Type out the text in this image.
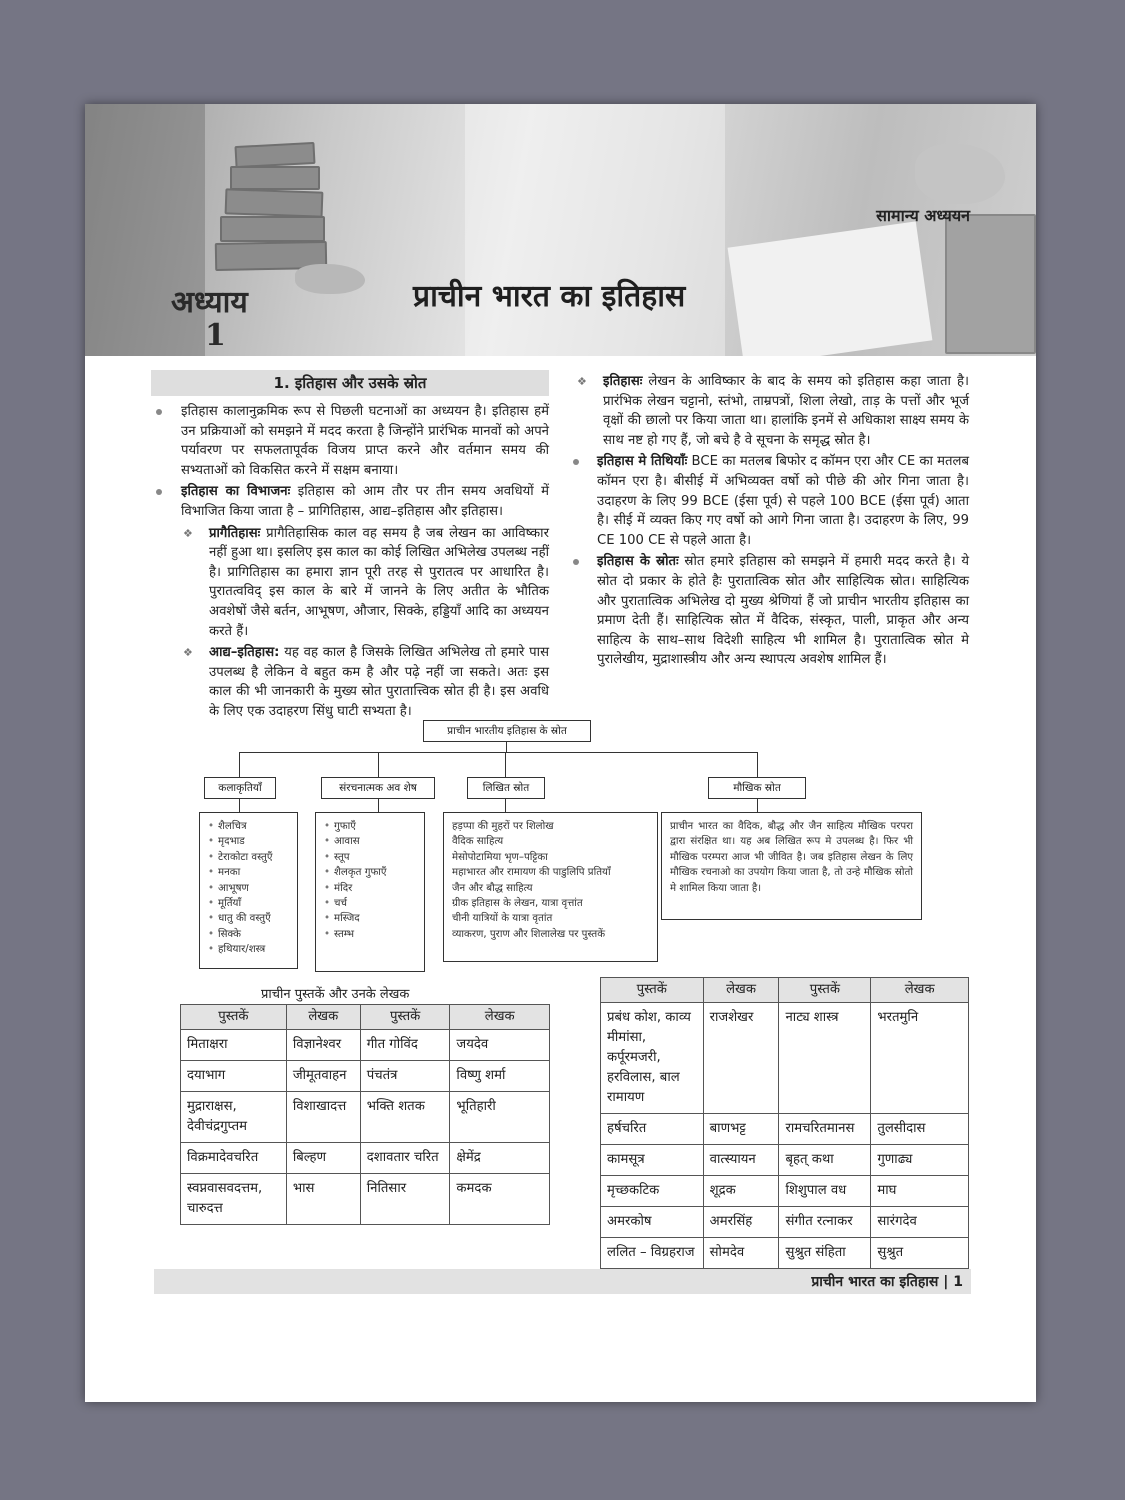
सामान्य अध्ययन
अध्याय
1
प्राचीन भारत का इतिहास
1. इतिहास और उसके स्रोत
इतिहास कालानुक्रमिक रूप से पिछली घटनाओं का अध्ययन है। इतिहास हमें उन प्रक्रियाओं को समझने में मदद करता है जिन्होंने प्रारंभिक मानवों को अपने पर्यावरण पर सफलतापूर्वक विजय प्राप्त करने और वर्तमान समय की सभ्यताओं को विकसित करने में सक्षम बनाया।
इतिहास का विभाजनः इतिहास को आम तौर पर तीन समय अवधियों में विभाजित किया जाता है – प्रागितिहास, आद्य–इतिहास और इतिहास।
❖ प्रागैतिहासः प्रागैतिहासिक काल वह समय है जब लेखन का आविष्कार नहीं हुआ था। इसलिए इस काल का कोई लिखित अभिलेख उपलब्ध नहीं है। प्रागितिहास का हमारा ज्ञान पूरी तरह से पुरातत्व पर आधारित है। पुरातत्वविद् इस काल के बारे में जानने के लिए अतीत के भौतिक अवशेषों जैसे बर्तन, आभूषण, औजार, सिक्के, हड्डियाँ आदि का अध्ययन करते हैं।
❖ आद्य–इतिहास: यह वह काल है जिसके लिखित अभिलेख तो हमारे पास उपलब्ध है लेकिन वे बहुत कम है और पढ़े नहीं जा सकते। अतः इस काल की भी जानकारी के मुख्य स्रोत पुरातात्त्विक स्रोत ही है। इस अवधि के लिए एक उदाहरण सिंधु घाटी सभ्यता है।
❖ इतिहासः लेखन के आविष्कार के बाद के समय को इतिहास कहा जाता है। प्रारंभिक लेखन चट्टानो, स्तंभो, ताम्रपत्रों, शिला लेखो, ताड़ के पत्तों और भूर्ज वृक्षों की छालो पर किया जाता था। हालांकि इनमें से अधिकाश साक्ष्य समय के साथ नष्ट हो गए हैं, जो बचे है वे सूचना के समृद्ध स्रोत है।
इतिहास मे तिथियाँः BCE का मतलब बिफोर द कॉमन एरा और CE का मतलब कॉमन एरा है। बीसीई में अभिव्यक्त वर्षो को पीछे की ओर गिना जाता है। उदाहरण के लिए 99 BCE (ईसा पूर्व) से पहले 100 BCE (ईसा पूर्व) आता है। सीई में व्यक्त किए गए वर्षो को आगे गिना जाता है। उदाहरण के लिए, 99 CE 100 CE से पहले आता है।
इतिहास के स्रोतः स्रोत हमारे इतिहास को समझने में हमारी मदद करते है। ये स्रोत दो प्रकार के होते हैः पुरातात्विक स्रोत और साहित्यिक स्रोत। साहित्यिक और पुरातात्विक अभिलेख दो मुख्य श्रेणियां हैं जो प्राचीन भारतीय इतिहास का प्रमाण देती हैं। साहित्यिक स्रोत में वैदिक, संस्कृत, पाली, प्राकृत और अन्य साहित्य के साथ–साथ विदेशी साहित्य भी शामिल है। पुरातात्विक स्रोत मे पुरालेखीय, मुद्राशास्त्रीय और अन्य स्थापत्य अवशेष शामिल हैं।
प्राचीन भारतीय इतिहास के स्रोत
कलाकृतियाँ	संरचनात्मक अव शेष	लिखित स्रोत	मौखिक स्रोत
• शैलचित्र
• मृदभाड
• टेराकोटा वस्तुएँ
• मनका
• आभूषण
• मूर्तियाँ
• धातु की वस्तुएँ
• सिक्के
• हथियार/शस्त्र
• गुफाएँ
• आवास
• स्तूप
• शैलकृत गुफाएँ
• मंदिर
• चर्च
• मस्जिद
• स्तम्भ
हड़प्पा की मुहरों पर शिलोख
वैदिक साहित्य
मेसोपोटामिया भृण–पट्टिका
महाभारत और रामायण की पाडुलिपि प्रतियाँ
जैन और बौद्ध साहित्य
ग्रीक इतिहास के लेखन, यात्रा वृत्तांत
चीनी यात्रियों के यात्रा वृतांत
व्याकरण, पुराण और शिलालेख पर पुस्तकें
प्राचीन भारत का वैदिक, बौद्ध और जैन साहित्य मौखिक परपरा द्वारा संरक्षित था। यह अब लिखित रूप मे उपलब्ध है। फिर भी मौखिक परम्परा आज भी जीवित है। जब इतिहास लेखन के लिए मौखिक रचनाओ का उपयोग किया जाता है, तो उन्हे मौखिक स्रोतो मे शामिल किया जाता है।
प्राचीन पुस्तकें और उनके लेखक
पुस्तकें	लेखक	पुस्तकें	लेखक
मिताक्षरा	विज्ञानेश्वर	गीत गोविंद	जयदेव
दयाभाग	जीमूतवाहन	पंचतंत्र	विष्णु शर्मा
मुद्राराक्षस, देवीचंद्रगुप्तम	विशाखादत्त	भक्ति शतक	भूतिहारी
विक्रमादेवचरित	बिल्हण	दशावतार चरित	क्षेमेंद्र
स्वप्नवासवदत्तम, चारुदत्त	भास	नितिसार	कमदक
पुस्तकें	लेखक	पुस्तकें	लेखक
प्रबंध कोश, काव्य मीमांसा, कर्पूरमजरी, हरविलास, बाल रामायण	राजशेखर	नाट्य शास्त्र	भरतमुनि
हर्षचरित	बाणभट्ट	रामचरितमानस	तुलसीदास
कामसूत्र	वात्स्यायन	बृहत् कथा	गुणाढ्य
मृच्छकटिक	शूद्रक	शिशुपाल वध	माघ
अमरकोष	अमरसिंह	संगीत रत्नाकर	सारंगदेव
ललित – विग्रहराज	सोमदेव	सुश्रुत संहिता	सुश्रुत
प्राचीन भारत का इतिहास | 1
